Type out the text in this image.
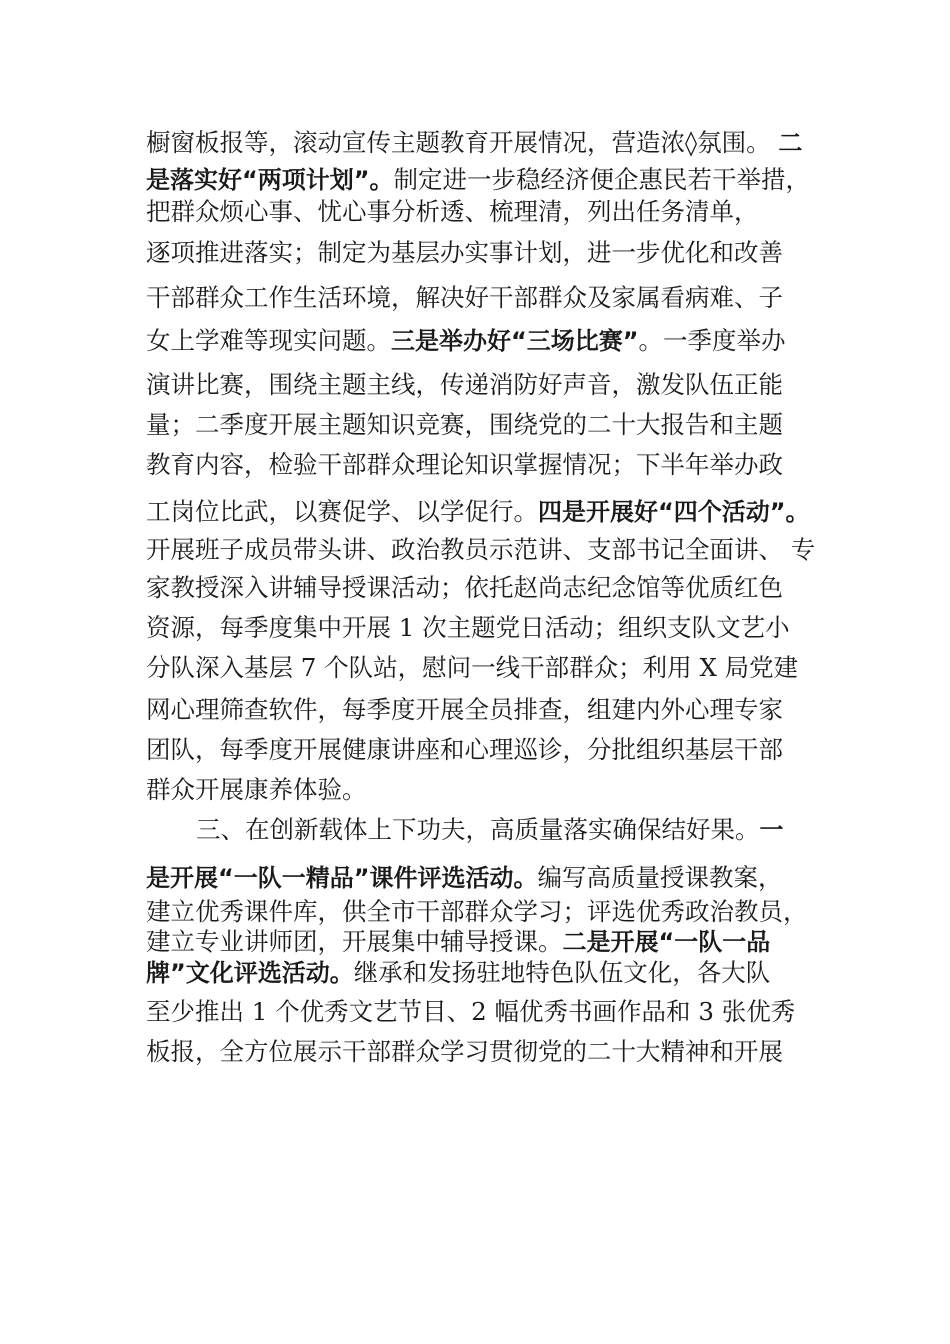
橱窗板报等，滚动宣传主题教育开展情况，营造浓◊氛围。 二
是落实好“两项计划”。制定进一步稳经济便企惠民若干举措，
把群众烦心事、忧心事分析透、梳理清，列出任务清单，
逐项推进落实；制定为基层办实事计划，进一步优化和改善
干部群众工作生活环境，解决好干部群众及家属看病难、子
女上学难等现实问题。三是举办好“三场比赛”。一季度举办
演讲比赛，围绕主题主线，传递消防好声音，激发队伍正能
量；二季度开展主题知识竞赛，围绕党的二十大报告和主题
教育内容，检验干部群众理论知识掌握情况；下半年举办政
工岗位比武，以赛促学、以学促行。四是开展好“四个活动”。
开展班子成员带头讲、政治教员示范讲、支部书记全面讲、 专
家教授深入讲辅导授课活动；依托赵尚志纪念馆等优质红色
资源，每季度集中开展 1 次主题党日活动；组织支队文艺小
分队深入基层 7 个队站，慰问一线干部群众；利用 X 局党建
网心理筛查软件，每季度开展全员排查，组建内外心理专家
团队，每季度开展健康讲座和心理巡诊，分批组织基层干部
群众开展康养体验。
三、在创新载体上下功夫，高质量落实确保结好果。一
是开展“一队一精品”课件评选活动。编写高质量授课教案，
建立优秀课件库，供全市干部群众学习；评选优秀政治教员，
建立专业讲师团，开展集中辅导授课。二是开展“一队一品
牌”文化评选活动。继承和发扬驻地特色队伍文化，各大队
至少推出 1 个优秀文艺节目、2 幅优秀书画作品和 3 张优秀
板报，全方位展示干部群众学习贯彻党的二十大精神和开展
